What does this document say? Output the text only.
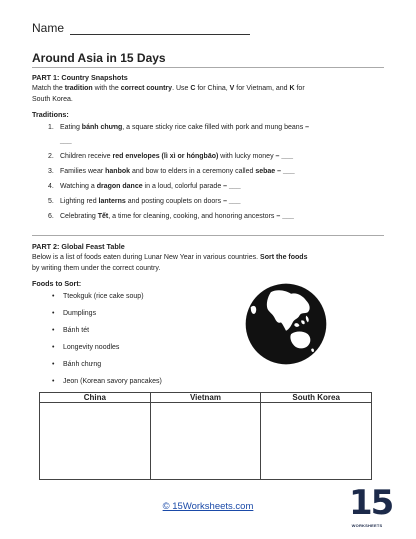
Name
Around Asia in 15 Days
PART 1: Country Snapshots
Match the tradition with the correct country. Use C for China, V for Vietnam, and K for
South Korea.
Traditions:
1. Eating bánh chưng, a square sticky rice cake filled with pork and mung beans –
___
2. Children receive red envelopes (lì xì or hóngbāo) with lucky money – ___
3. Families wear hanbok and bow to elders in a ceremony called sebae – ___
4. Watching a dragon dance in a loud, colorful parade – ___
5. Lighting red lanterns and posting couplets on doors – ___
6. Celebrating Tết, a time for cleaning, cooking, and honoring ancestors – ___
PART 2: Global Feast Table
Below is a list of foods eaten during Lunar New Year in various countries. Sort the foods
by writing them under the correct country.
Foods to Sort:
• Tteokguk (rice cake soup)
• Dumplings
• Bánh tét
• Longevity noodles
• Bánh chưng
• Jeon (Korean savory pancakes)
China	Vietnam	South Korea

© 15Worksheets.com	15
WORKSHEETS
